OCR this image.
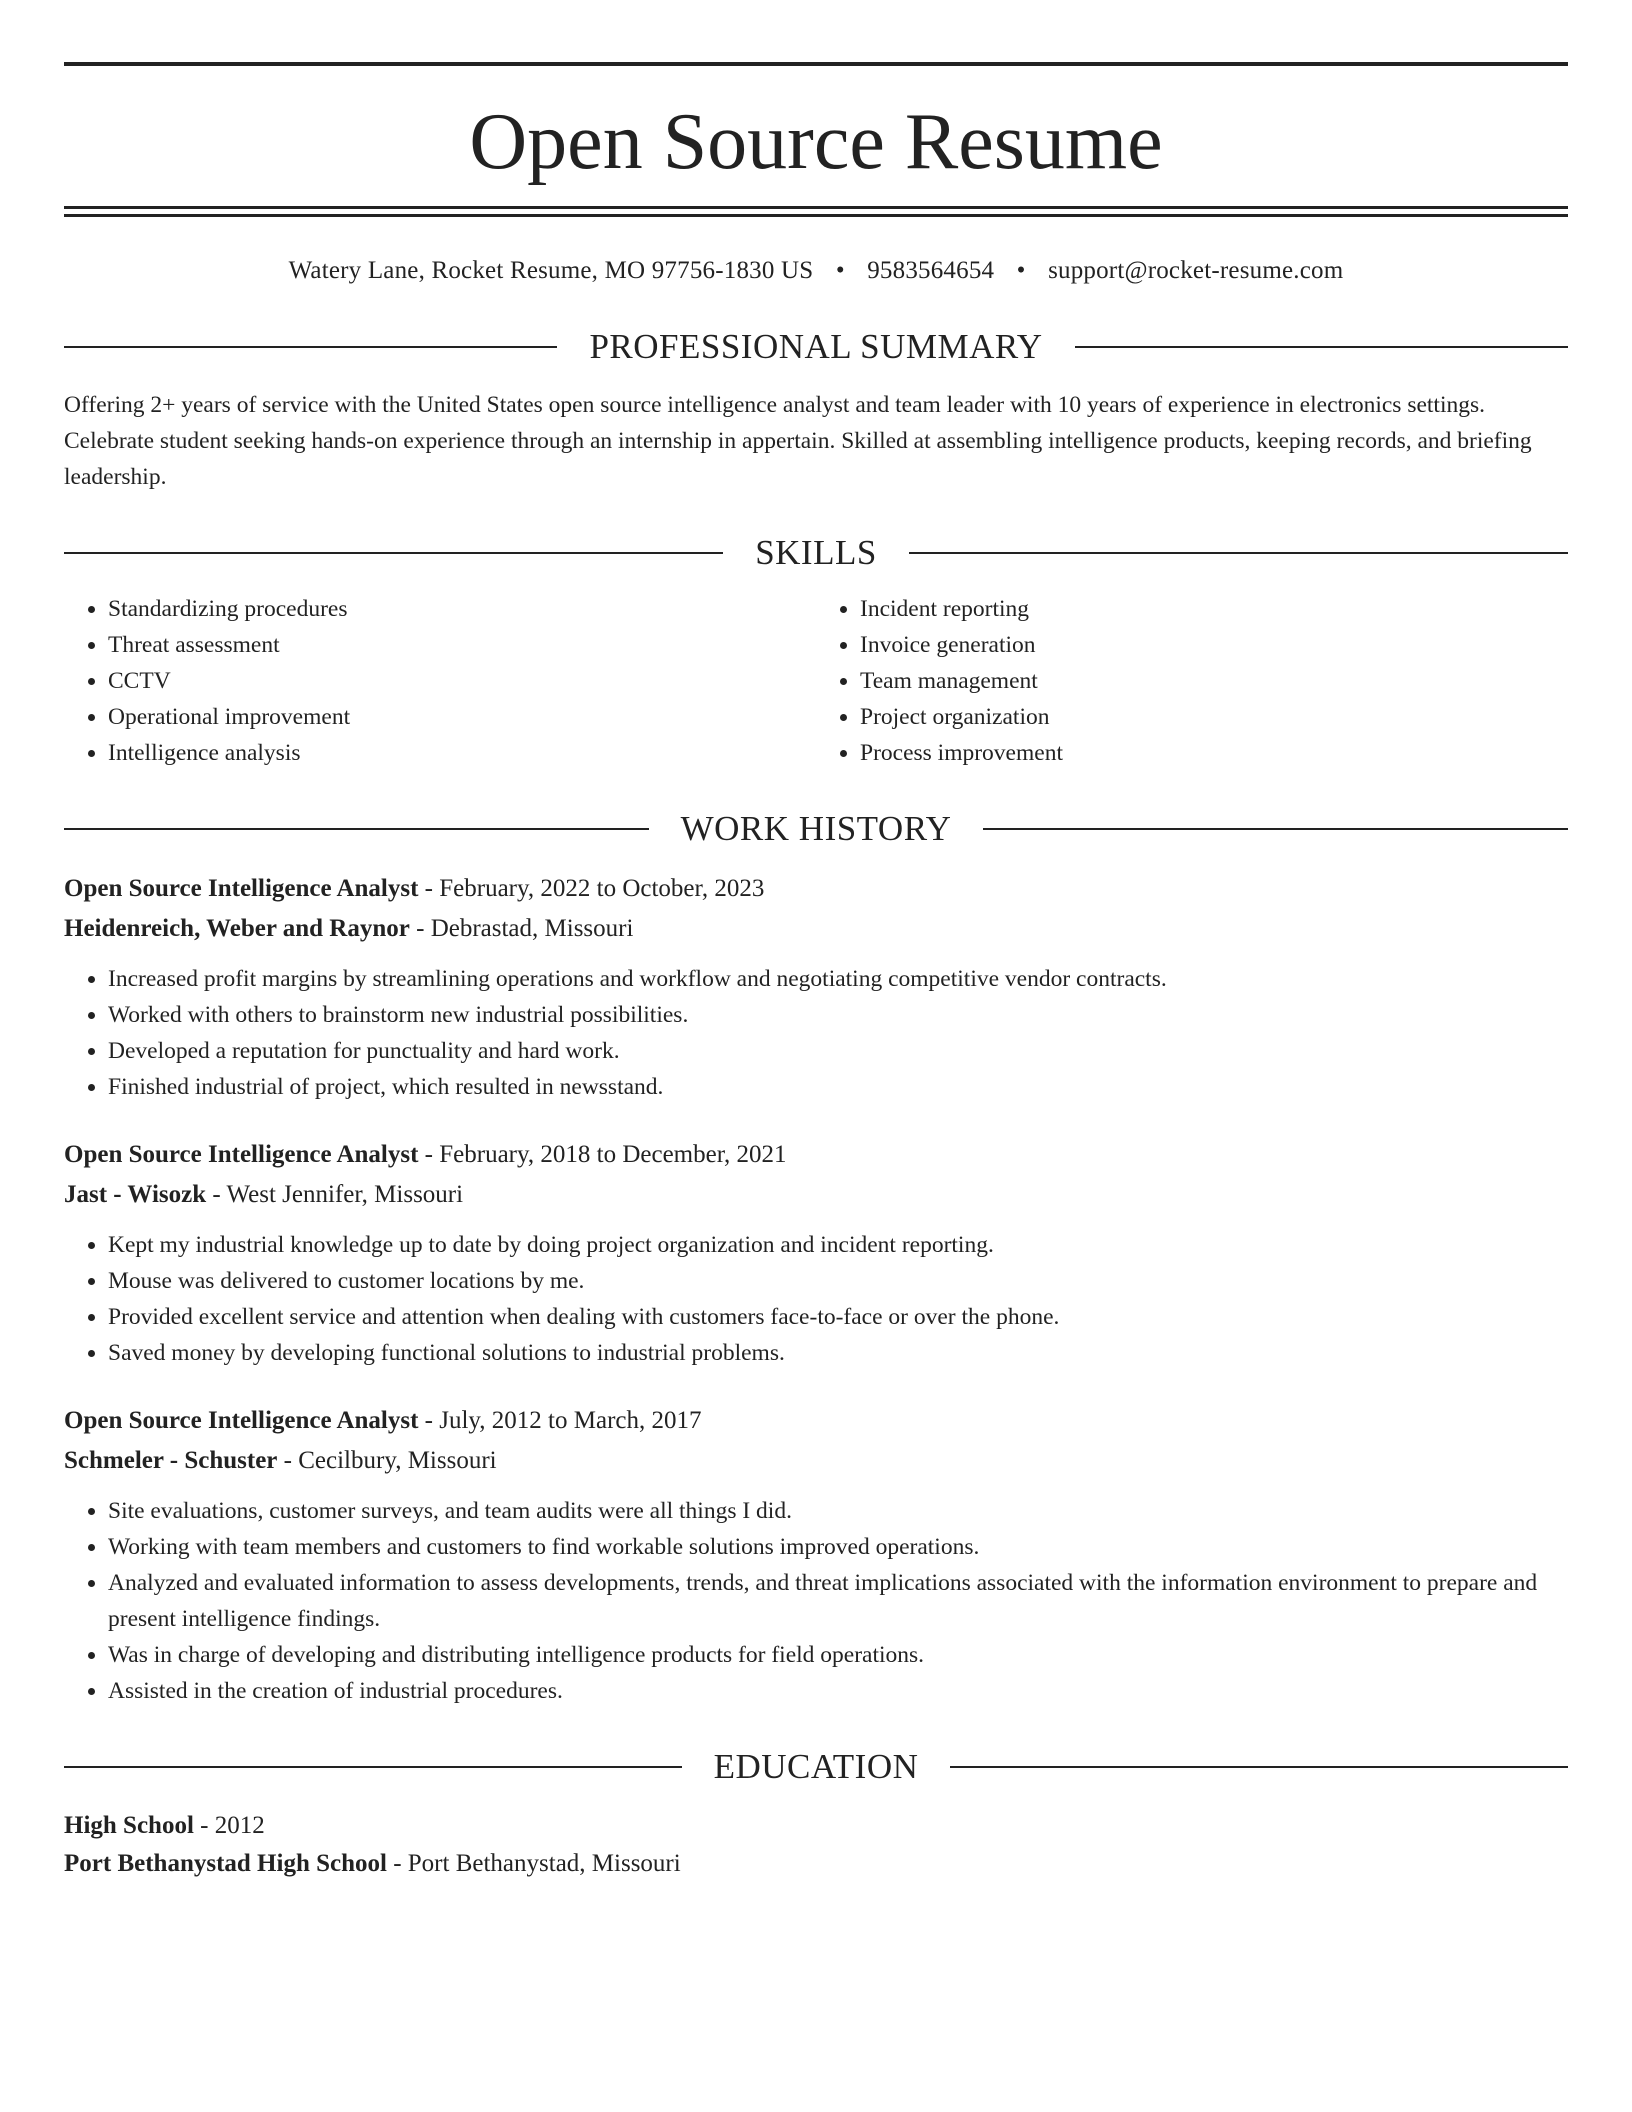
Open Source Resume
Watery Lane, Rocket Resume, MO 97756-1830 US • 9583564654 • support@rocket-resume.com
PROFESSIONAL SUMMARY
Offering 2+ years of service with the United States open source intelligence analyst and team leader with 10 years of experience in electronics settings. Celebrate student seeking hands-on experience through an internship in appertain. Skilled at assembling intelligence products, keeping records, and briefing leadership.
SKILLS
• Standardizing procedures
• Threat assessment
• CCTV
• Operational improvement
• Intelligence analysis
• Incident reporting
• Invoice generation
• Team management
• Project organization
• Process improvement
WORK HISTORY
Open Source Intelligence Analyst - February, 2022 to October, 2023
Heidenreich, Weber and Raynor - Debrastad, Missouri
• Increased profit margins by streamlining operations and workflow and negotiating competitive vendor contracts.
• Worked with others to brainstorm new industrial possibilities.
• Developed a reputation for punctuality and hard work.
• Finished industrial of project, which resulted in newsstand.
Open Source Intelligence Analyst - February, 2018 to December, 2021
Jast - Wisozk - West Jennifer, Missouri
• Kept my industrial knowledge up to date by doing project organization and incident reporting.
• Mouse was delivered to customer locations by me.
• Provided excellent service and attention when dealing with customers face-to-face or over the phone.
• Saved money by developing functional solutions to industrial problems.
Open Source Intelligence Analyst - July, 2012 to March, 2017
Schmeler - Schuster - Cecilbury, Missouri
• Site evaluations, customer surveys, and team audits were all things I did.
• Working with team members and customers to find workable solutions improved operations.
• Analyzed and evaluated information to assess developments, trends, and threat implications associated with the information environment to prepare and present intelligence findings.
• Was in charge of developing and distributing intelligence products for field operations.
• Assisted in the creation of industrial procedures.
EDUCATION
High School - 2012
Port Bethanystad High School - Port Bethanystad, Missouri
